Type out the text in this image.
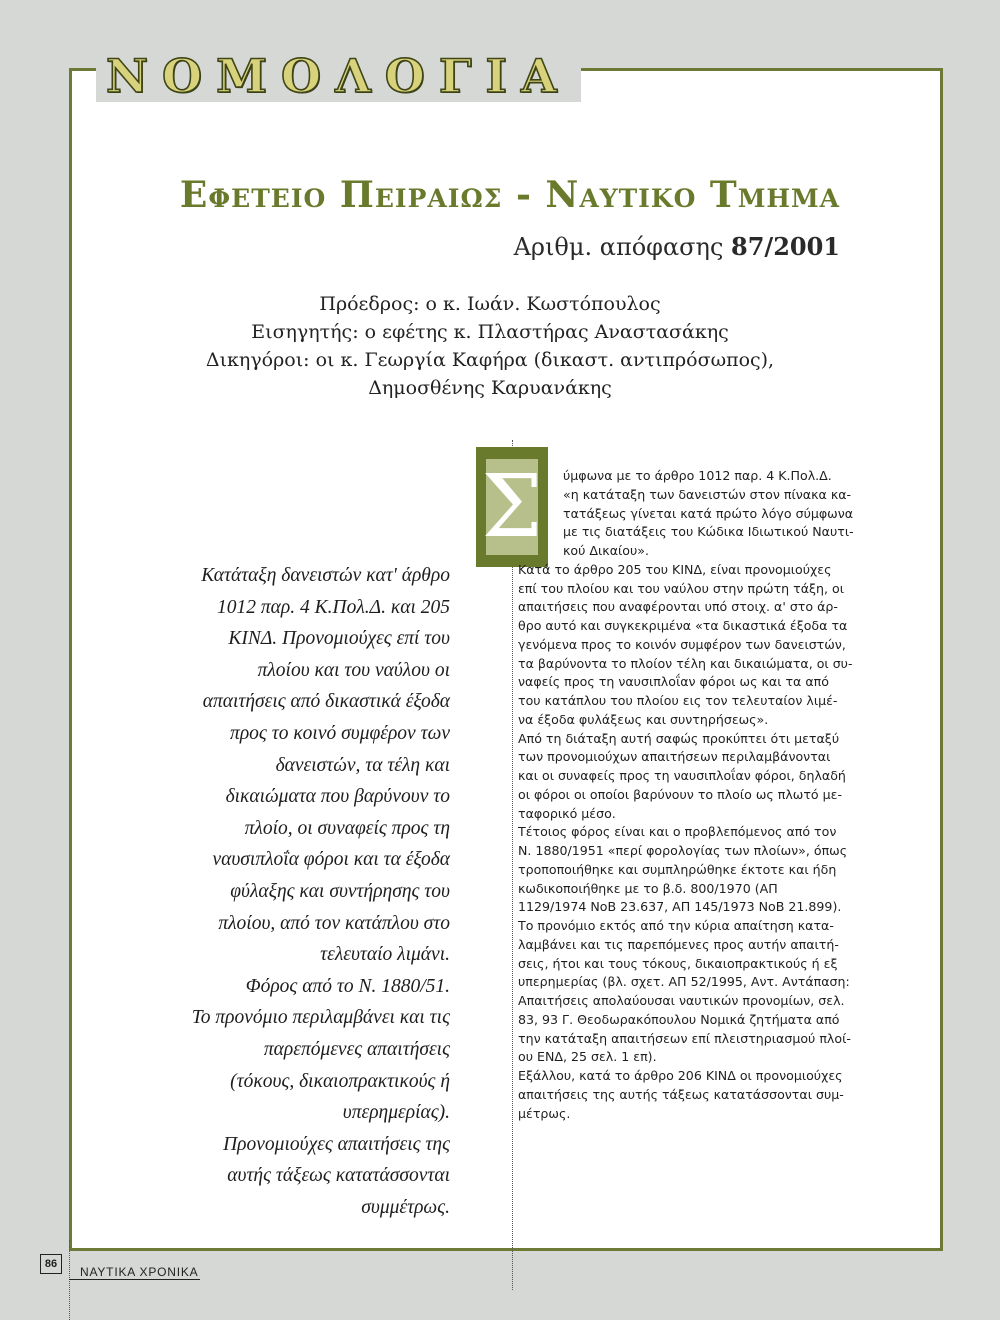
ΝΟΜΟΛΟΓΙΑ
Εφετειο Πειραιως - Ναυτικο Τμημα
Αριθμ. απόφασης 87/2001
Πρόεδρος: ο κ. Ιωάν. Κωστόπουλος
Εισηγητής: ο εφέτης κ. Πλαστήρας Αναστασάκης
Δικηγόροι: οι κ. Γεωργία Καφήρα (δικαστ. αντιπρόσωπος),
Δημοσθένης Καρυανάκης
Κατάταξη δανειστών κατ' άρθρο
1012 παρ. 4 Κ.Πολ.Δ. και 205
ΚΙΝΔ. Προνομιούχες επί του
πλοίου και του ναύλου οι
απαιτήσεις από δικαστικά έξοδα
προς το κοινό συμφέρον των
δανειστών, τα τέλη και
δικαιώματα που βαρύνουν το
πλοίο, οι συναφείς προς τη
ναυσιπλοΐα φόροι και τα έξοδα
φύλαξης και συντήρησης του
πλοίου, από τον κατάπλου στο
τελευταίο λιμάνι.
Φόρος από το Ν. 1880/51.
Το προνόμιο περιλαμβάνει και τις
παρεπόμενες απαιτήσεις
(τόκους, δικαιοπρακτικούς ή
υπερημερίας).
Προνομιούχες απαιτήσεις της
αυτής τάξεως κατατάσσονται
συμμέτρως.
Σ	ύμφωνα με το άρθρο 1012 παρ. 4 Κ.Πολ.Δ.
«η κατάταξη των δανειστών στον πίνακα κα-
τατάξεως γίνεται κατά πρώτο λόγο σύμφωνα
με τις διατάξεις του Κώδικα Ιδιωτικού Ναυτι-
κού Δικαίου».
Κατά το άρθρο 205 του ΚΙΝΔ, είναι προνομιούχες
επί του πλοίου και του ναύλου στην πρώτη τάξη, οι
απαιτήσεις που αναφέρονται υπό στοιχ. α' στο άρ-
θρο αυτό και συγκεκριμένα «τα δικαστικά έξοδα τα
γενόμενα προς το κοινόν συμφέρον των δανειστών,
τα βαρύνοντα το πλοίον τέλη και δικαιώματα, οι συ-
ναφείς προς τη ναυσιπλοΐαν φόροι ως και τα από
του κατάπλου του πλοίου εις τον τελευταίον λιμέ-
να έξοδα φυλάξεως και συντηρήσεως».
Από τη διάταξη αυτή σαφώς προκύπτει ότι μεταξύ
των προνομιούχων απαιτήσεων περιλαμβάνονται
και οι συναφείς προς τη ναυσιπλοΐαν φόροι, δηλαδή
οι φόροι οι οποίοι βαρύνουν το πλοίο ως πλωτό με-
ταφορικό μέσο.
Τέτοιος φόρος είναι και ο προβλεπόμενος από τον
Ν. 1880/1951 «περί φορολογίας των πλοίων», όπως
τροποποιήθηκε και συμπληρώθηκε έκτοτε και ήδη
κωδικοποιήθηκε με το β.δ. 800/1970 (ΑΠ
1129/1974 ΝοΒ 23.637, ΑΠ 145/1973 ΝοΒ 21.899).
Το προνόμιο εκτός από την κύρια απαίτηση κατα-
λαμβάνει και τις παρεπόμενες προς αυτήν απαιτή-
σεις, ήτοι και τους τόκους, δικαιοπρακτικούς ή εξ
υπερημερίας (βλ. σχετ. ΑΠ 52/1995, Αντ. Αντάπαση:
Απαιτήσεις απολαύουσαι ναυτικών προνομίων, σελ.
83, 93 Γ. Θεοδωρακόπουλου Νομικά ζητήματα από
την κατάταξη απαιτήσεων επί πλειστηριασμού πλοί-
ου ΕΝΔ, 25 σελ. 1 επ).
Εξάλλου, κατά το άρθρο 206 ΚΙΝΔ οι προνομιούχες
απαιτήσεις της αυτής τάξεως κατατάσσονται συμ-
μέτρως.
86
ΝΑΥΤΙΚΑ ΧΡΟΝΙΚΑ
